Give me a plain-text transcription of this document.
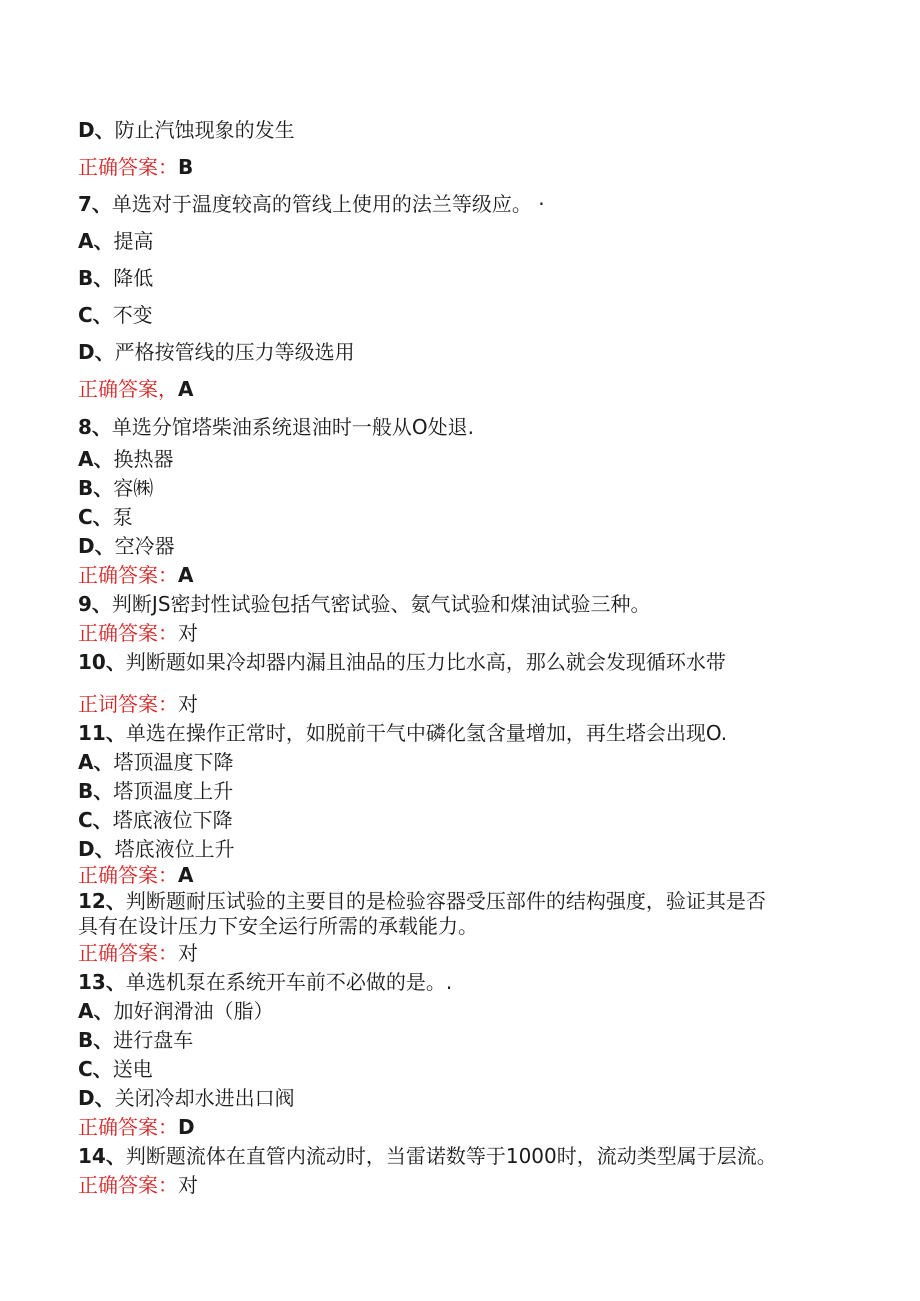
D、防止汽蚀现象的发生
正确答案：B
7、单选对于温度较高的管线上使用的法兰等级应。 ·
A、提高
B、降低
C、不变
D、严格按管线的压力等级选用
正确答案，A
8、单选分馆塔柴油系统退油时一般从O处退.
A、换热器
B、容㈱
C、泵
D、空冷器
正确答案：A
9、判断JS密封性试验包括气密试验、氨气试验和煤油试验三种。
正确答案：对
10、判断题如果冷却器内漏且油品的压力比水高，那么就会发现循环水带
正词答案：对
11、单选在操作正常时，如脱前干气中磷化氢含量增加，再生塔会出现O.
A、塔顶温度下降
B、塔顶温度上升
C、塔底液位下降
D、塔底液位上升
正确答案：A
12、判断题耐压试验的主要目的是检验容器受压部件的结构强度，验证其是否
具有在设计压力下安全运行所需的承载能力。
正确答案：对
13、单选机泵在系统开车前不必做的是。.
A、加好润滑油（脂）
B、进行盘车
C、送电
D、关闭冷却水进出口阀
正确答案：D
14、判断题流体在直管内流动时，当雷诺数等于1000时，流动类型属于层流。
正确答案：对
